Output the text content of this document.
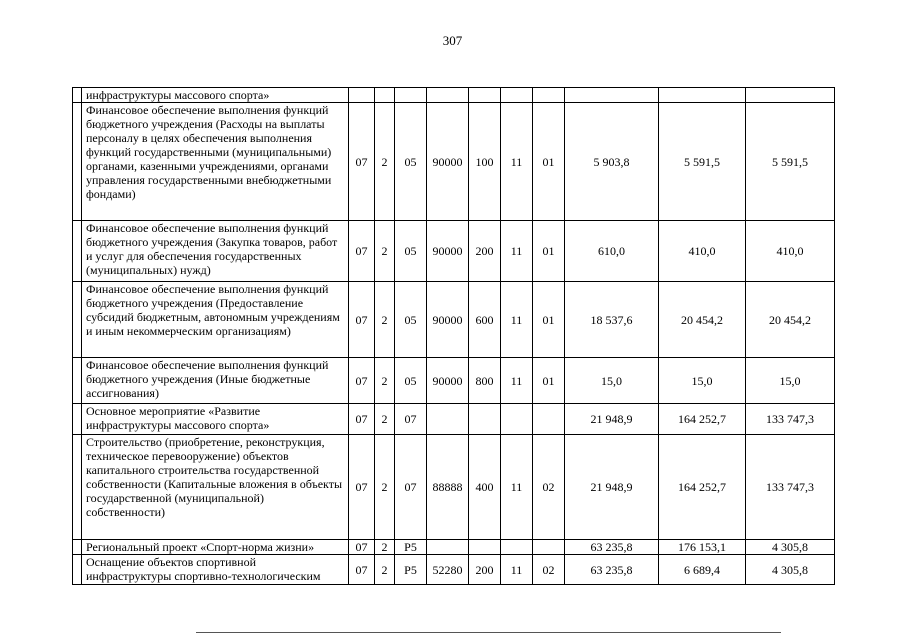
307
	инфраструктуры массового спорта»										
	Финансовое обеспечение выполнения функций бюджетного учреждения (Расходы на выплаты персоналу в целях обеспечения выполнения функций государственными (муниципальными) органами, казенными учреждениями, органами управления государственными внебюджетными фондами)	07	2	05	90000	100	11	01	5 903,8	5 591,5	5 591,5
	Финансовое обеспечение выполнения функций бюджетного учреждения (Закупка товаров, работ и услуг для обеспечения государственных (муниципальных) нужд)	07	2	05	90000	200	11	01	610,0	410,0	410,0
	Финансовое обеспечение выполнения функций бюджетного учреждения (Предоставление субсидий бюджетным, автономным учреждениям и иным некоммерческим организациям)	07	2	05	90000	600	11	01	18 537,6	20 454,2	20 454,2
	Финансовое обеспечение выполнения функций бюджетного учреждения (Иные бюджетные ассигнования)	07	2	05	90000	800	11	01	15,0	15,0	15,0
	Основное мероприятие «Развитие инфраструктуры массового спорта»	07	2	07					21 948,9	164 252,7	133 747,3
	Строительство (приобретение, реконструкция, техническое перевооружение) объектов капитального строительства государственной собственности (Капитальные вложения в объекты государственной (муниципальной) собственности)	07	2	07	88888	400	11	02	21 948,9	164 252,7	133 747,3
	Региональный проект «Спорт-норма жизни»	07	2	P5					63 235,8	176 153,1	4 305,8
	Оснащение объектов спортивной инфраструктуры спортивно-технологическим	07	2	P5	52280	200	11	02	63 235,8	6 689,4	4 305,8
